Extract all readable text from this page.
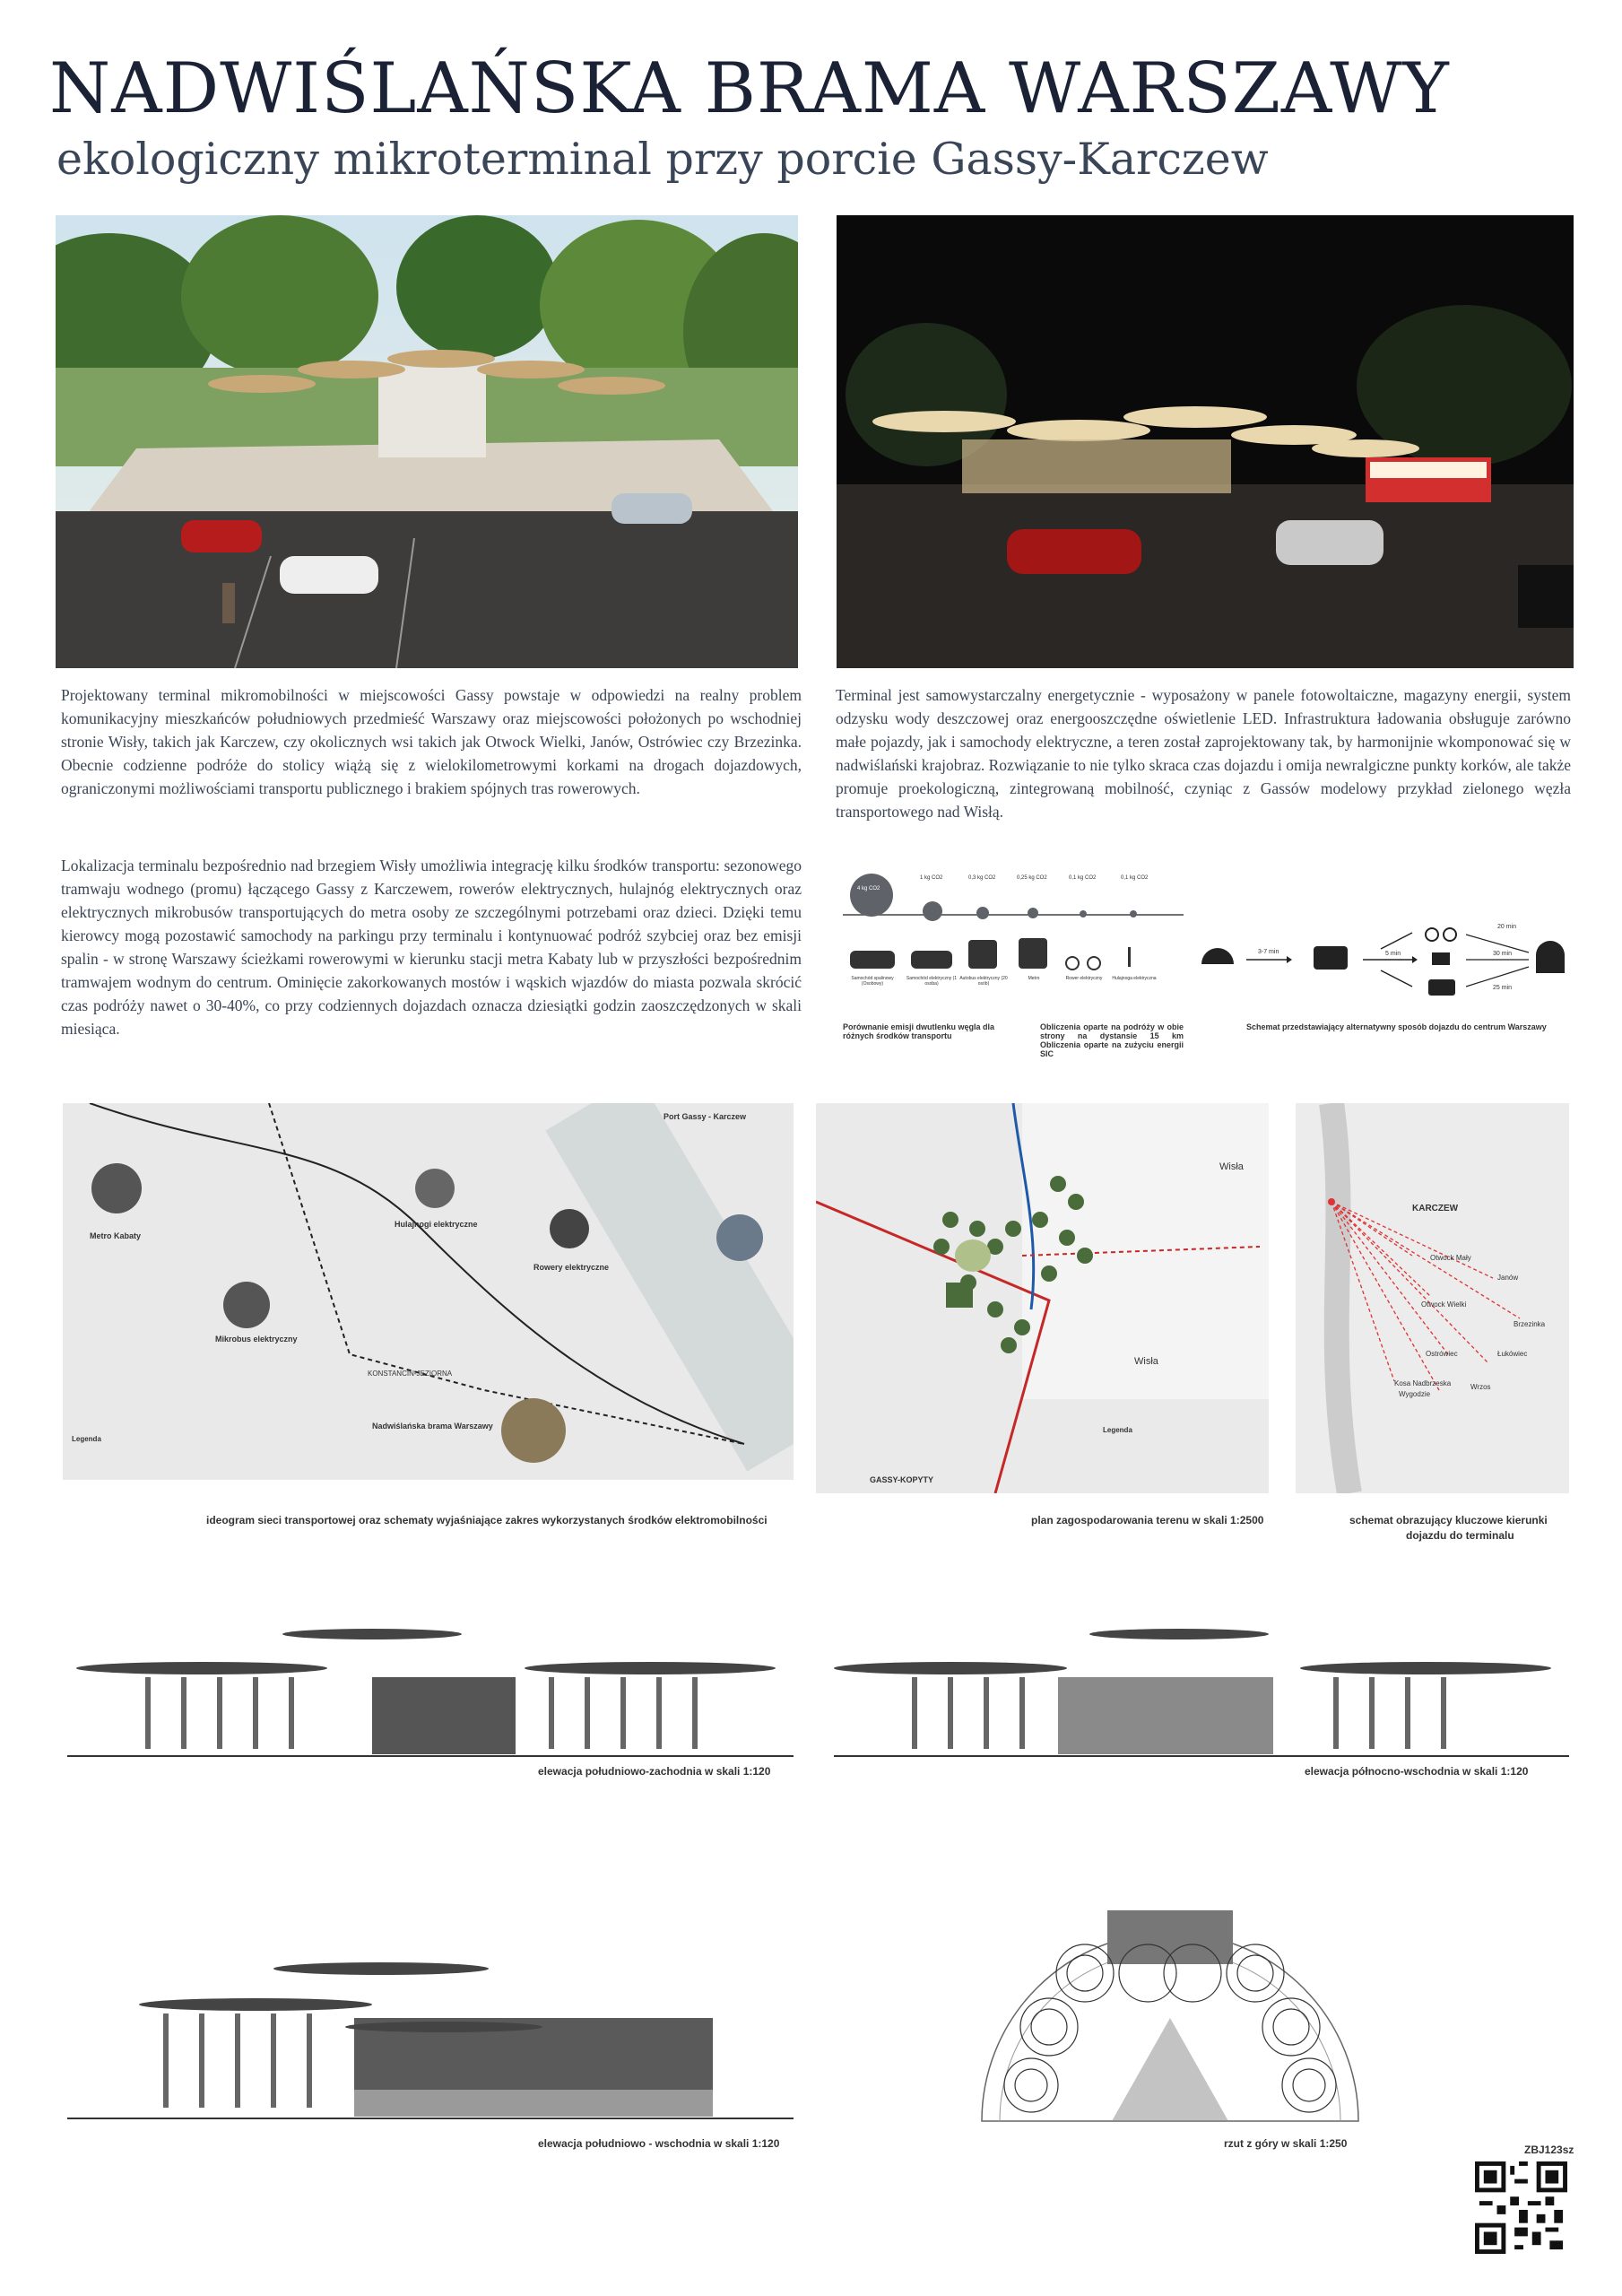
NADWIŚLAŃSKA BRAMA WARSZAWY
ekologiczny mikroterminal przy porcie Gassy-Karczew
Projektowany terminal mikromobilności w miejscowości Gassy powstaje w odpowiedzi na realny problem komunikacyjny mieszkańców południowych przedmieść Warszawy oraz miejscowości położonych po wschodniej stronie Wisły, takich jak Karczew, czy okolicznych wsi takich jak Otwock Wielki, Janów, Ostrówiec czy Brzezinka. Obecnie codzienne podróże do stolicy wiążą się z wielokilometrowymi korkami na drogach dojazdowych, ograniczonymi możliwościami transportu publicznego i brakiem spójnych tras rowerowych.
Lokalizacja terminalu bezpośrednio nad brzegiem Wisły umożliwia integrację kilku środków transportu: sezonowego tramwaju wodnego (promu) łączącego Gassy z Karczewem, rowerów elektrycznych, hulajnóg elektrycznych oraz elektrycznych mikrobusów transportujących do metra osoby ze szczególnymi potrzebami oraz dzieci. Dzięki temu kierowcy mogą pozostawić samochody na parkingu przy terminalu i kontynuować podróż szybciej oraz bez emisji spalin - w stronę Warszawy ścieżkami rowerowymi w kierunku stacji metra Kabaty lub w przyszłości bezpośrednim tramwajem wodnym do centrum. Ominięcie zakorkowanych mostów i wąskich wjazdów do miasta pozwala skrócić czas podróży nawet o 30-40%, co przy codziennych dojazdach oznacza dziesiątki godzin zaoszczędzonych w skali miesiąca.
Terminal jest samowystarczalny energetycznie - wyposażony w panele fotowoltaiczne, magazyny energii, system odzysku wody deszczowej oraz energooszczędne oświetlenie LED. Infrastruktura ładowania obsługuje zarówno małe pojazdy, jak i samochody elektryczne, a teren został zaprojektowany tak, by harmonijnie wkomponować się w nadwiślański krajobraz. Rozwiązanie to nie tylko skraca czas dojazdu i omija newralgiczne punkty korków, ale także promuje proekologiczną, zintegrowaną mobilność, czyniąc z Gassów modelowy przykład zielonego węzła transportowego nad Wisłą.
4 kg CO2
1 kg CO2	0,3 kg CO2	0,25 kg CO2	0,1 kg CO2	0,1 kg CO2
Samochód spalinowy (Osobowy)
Samochód elektryczny (1 osoba)
Autobus elektryczny (20 osób)
Metro	Rower elektryczny	Hulajnoga elektryczna
Porównanie emisji dwutlenku węgla dla różnych środków transportu
Obliczenia oparte na podróży w obie strony na dystansie 15 km Obliczenia oparte na zużyciu energii SIC
3-7 min	5 min
20 min
30 min
25 min
Schemat przedstawiający alternatywny sposób dojazdu do centrum Warszawy
Metro Kabaty
Hulajnogi elektryczne
Rowery elektryczne
Mikrobus elektryczny
Port Gassy - Karczew
Nadwiślańska brama Warszawy
KONSTANCIN-JEZIORNA
Legenda
ideogram sieci transportowej oraz schematy wyjaśniające zakres wykorzystanych środków elektromobilności
Wisła
Wisła
GASSY-KOPYTY
Legenda
plan zagospodarowania terenu w skali 1:2500
KARCZEW
Otwock Mały
Janów
Otwock Wielki
Brzezinka
Ostrówiec	Łukówiec
Kosa Nadbrzeska	Wrzos
Wygodzie
schemat obrazujący kluczowe kierunki
dojazdu do terminalu
elewacja południowo-zachodnia w skali 1:120	elewacja północno-wschodnia w skali 1:120
elewacja południowo - wschodnia w skali 1:120	rzut z góry w skali 1:250	ZBJ123sz
